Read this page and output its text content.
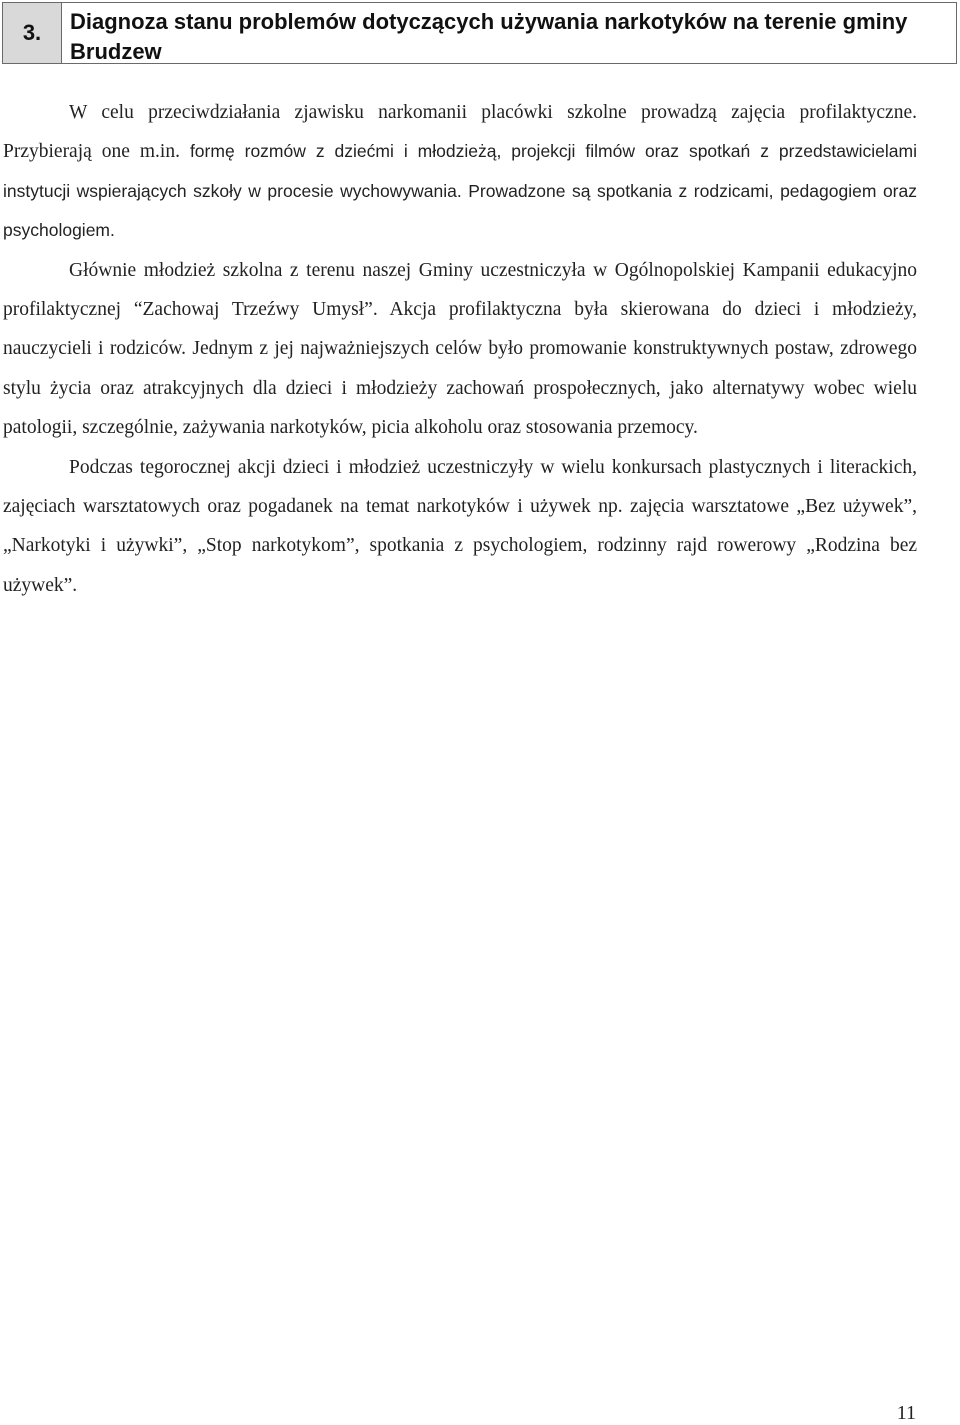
3.	Diagnoza stanu problemów dotyczących używania narkotyków na terenie gminy Brudzew

W celu przeciwdziałania zjawisku narkomanii placówki szkolne prowadzą zajęcia profilaktyczne. Przybierają one m.in. formę rozmów z dziećmi i młodzieżą, projekcji filmów oraz spotkań z przedstawicielami instytucji wspierających szkoły w procesie wychowywania. Prowadzone są spotkania z rodzicami, pedagogiem oraz psychologiem.

Głównie młodzież szkolna z terenu naszej Gminy uczestniczyła w Ogólnopolskiej Kampanii edukacyjno profilaktycznej “Zachowaj Trzeźwy Umysł”. Akcja profilaktyczna była skierowana do dzieci i młodzieży, nauczycieli i rodziców. Jednym z jej najważniejszych celów było promowanie konstruktywnych postaw, zdrowego stylu życia oraz atrakcyjnych dla dzieci i młodzieży zachowań prospołecznych, jako alternatywy wobec wielu patologii, szczególnie, zażywania narkotyków, picia alkoholu oraz stosowania przemocy.

Podczas tegorocznej akcji dzieci i młodzież uczestniczyły w wielu konkursach plastycznych i literackich, zajęciach warsztatowych oraz pogadanek na temat narkotyków i używek np. zajęcia warsztatowe „Bez używek”, „Narkotyki i używki”, „Stop narkotykom”, spotkania z psychologiem, rodzinny rajd rowerowy „Rodzina bez używek”.

11
